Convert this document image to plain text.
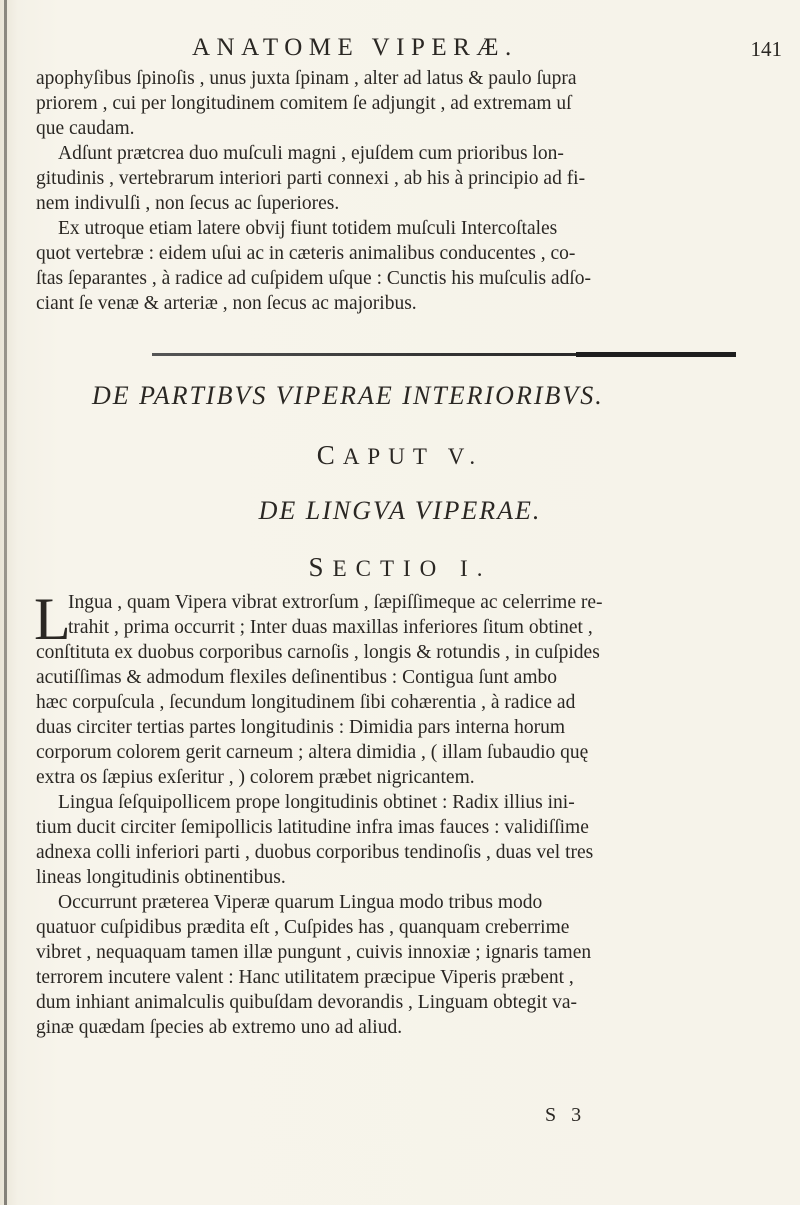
ANATOME VIPERÆ.	141
apophyſibus ſpinoſis , unus juxta ſpinam , alter ad latus & paulo ſupra
priorem , cui per longitudinem comitem ſe adjungit , ad extremam uſ
que caudam.
Adſunt prætcrea duo muſculi magni , ejuſdem cum prioribus lon-
gitudinis , vertebrarum interiori parti connexi , ab his à principio ad fi-
nem indivulſi , non ſecus ac ſuperiores.
Ex utroque etiam latere obvij fiunt totidem muſculi Intercoſtales
quot vertebræ : eidem uſui ac in cæteris animalibus conducentes , co-
ſtas ſeparantes , à radice ad cuſpidem uſque : Cunctis his muſculis adſo-
ciant ſe venæ & arteriæ , non ſecus ac majoribus.
DE PARTIBVS VIPERAE INTERIORIBVS.
CAPUT V.
DE LINGVA VIPERAE.
SECTIO I.
L
Ingua , quam Vipera vibrat extrorſum , ſæpiſſimeque ac celerrime re-
trahit , prima occurrit ; Inter duas maxillas inferiores ſitum obtinet ,
conſtituta ex duobus corporibus carnoſis , longis & rotundis , in cuſpides
acutiſſimas & admodum flexiles deſinentibus : Contigua ſunt ambo
hæc corpuſcula , ſecundum longitudinem ſibi cohærentia , à radice ad
duas circiter tertias partes longitudinis : Dimidia pars interna horum
corporum colorem gerit carneum ; altera dimidia , ( illam ſubaudio quę
extra os ſæpius exſeritur , ) colorem præbet nigricantem.
Lingua ſeſquipollicem prope longitudinis obtinet : Radix illius ini-
tium ducit circiter ſemipollicis latitudine infra imas fauces : validiſſime
adnexa colli inferiori parti , duobus corporibus tendinoſis , duas vel tres
lineas longitudinis obtinentibus.
Occurrunt præterea Viperæ quarum Lingua modo tribus modo
quatuor cuſpidibus prædita eſt , Cuſpides has , quanquam creberrime
vibret , nequaquam tamen illæ pungunt , cuivis innoxiæ ; ignaris tamen
terrorem incutere valent : Hanc utilitatem præcipue Viperis præbent ,
dum inhiant animalculis quibuſdam devorandis , Linguam obtegit va-
ginæ quædam ſpecies ab extremo uno ad aliud.
S 3
